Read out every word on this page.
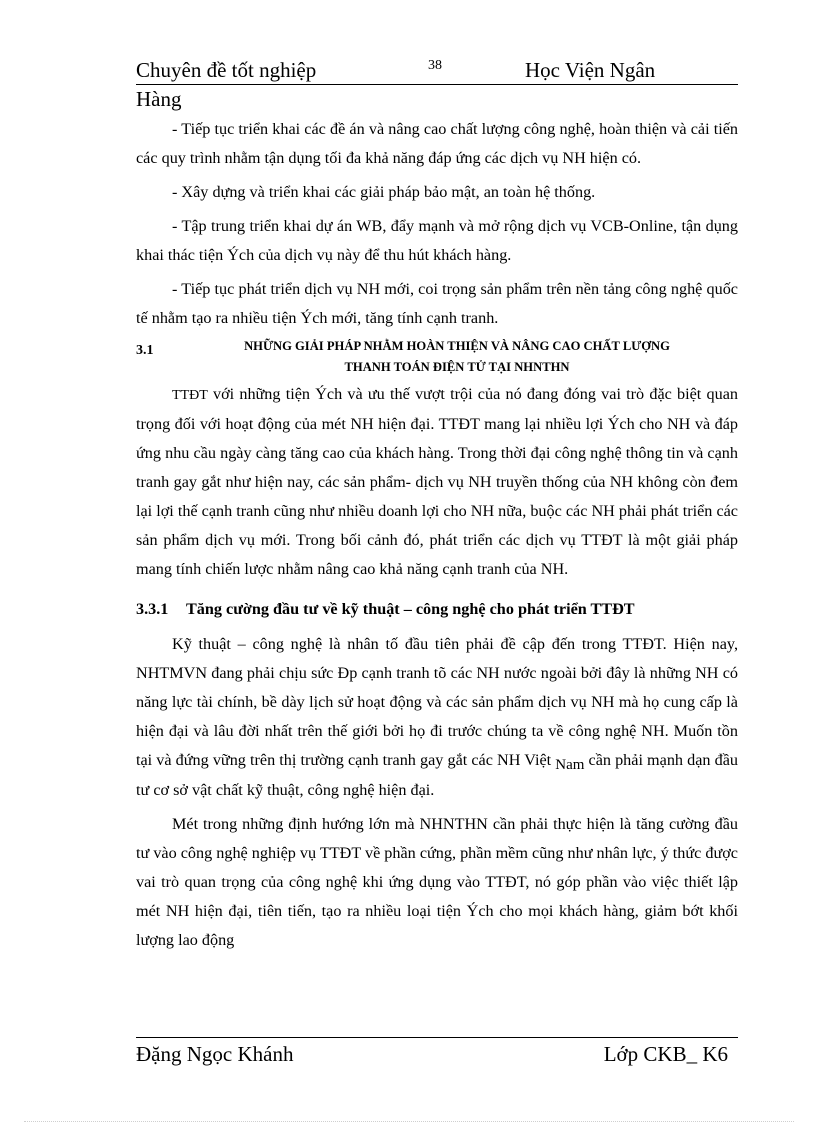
Chuyên đề tốt nghiệp	38	Học Viện Ngân
Hàng

- Tiếp tục triển khai các đề án và nâng cao chất lượng công nghệ, hoàn thiện và cải tiến các quy trình nhằm tận dụng tối đa khả năng đáp ứng các dịch vụ NH hiện có.

- Xây dựng và triển khai các giải pháp bảo mật, an toàn hệ thống.

- Tập trung triển khai dự án WB, đẩy mạnh và mở rộng dịch vụ VCB-Online, tận dụng khai thác tiện Ých của dịch vụ này để thu hút khách hàng.

- Tiếp tục phát triển dịch vụ NH mới, coi trọng sản phẩm trên nền tảng công nghệ quốc tế nhằm tạo ra nhiều tiện Ých mới, tăng tính cạnh tranh.

3.1	NHỮNG GIẢI PHÁP NHẰM HOÀN THIỆN VÀ NÂNG CAO CHẤT LƯỢNG
THANH TOÁN ĐIỆN TỬ TẠI NHNTHN

TTĐT với những tiện Ých và ưu thế vượt trội của nó đang đóng vai trò đặc biệt quan trọng đối với hoạt động của mét NH hiện đại. TTĐT mang lại nhiều lợi Ých cho NH và đáp ứng nhu cầu ngày càng tăng cao của khách hàng. Trong thời đại công nghệ thông tin và cạnh tranh gay gắt như hiện nay, các sản phẩm- dịch vụ NH truyền thống của NH không còn đem lại lợi thế cạnh tranh cũng như nhiều doanh lợi cho NH nữa, buộc các NH phải phát triển các sản phẩm dịch vụ mới. Trong bối cảnh đó, phát triển các dịch vụ TTĐT là một giải pháp mang tính chiến lược nhằm nâng cao khả năng cạnh tranh của NH.

3.3.1 Tăng cường đầu tư về kỹ thuật – công nghệ cho phát triển TTĐT

Kỹ thuật – công nghệ là nhân tố đầu tiên phải đề cập đến trong TTĐT. Hiện nay, NHTMVN đang phải chịu sức Ðp cạnh tranh tõ các NH nước ngoài bởi đây là những NH có năng lực tài chính, bề dày lịch sử hoạt động và các sản phẩm dịch vụ NH mà họ cung cấp là hiện đại và lâu đời nhất trên thế giới bởi họ đi trước chúng ta về công nghệ NH. Muốn tồn tại và đứng vững trên thị trường cạnh tranh gay gắt các NH Việt Nam cần phải mạnh dạn đầu tư cơ sở vật chất kỹ thuật, công nghệ hiện đại.

Mét trong những định hướng lớn mà NHNTHN cần phải thực hiện là tăng cường đầu tư vào công nghệ nghiệp vụ TTĐT về phần cứng, phần mềm cũng như nhân lực, ý thức được vai trò quan trọng của công nghệ khi ứng dụng vào TTĐT, nó góp phần vào việc thiết lập mét NH hiện đại, tiên tiến, tạo ra nhiều loại tiện Ých cho mọi khách hàng, giảm bớt khối lượng lao động

Đặng Ngọc Khánh	Lớp CKB_ K6
